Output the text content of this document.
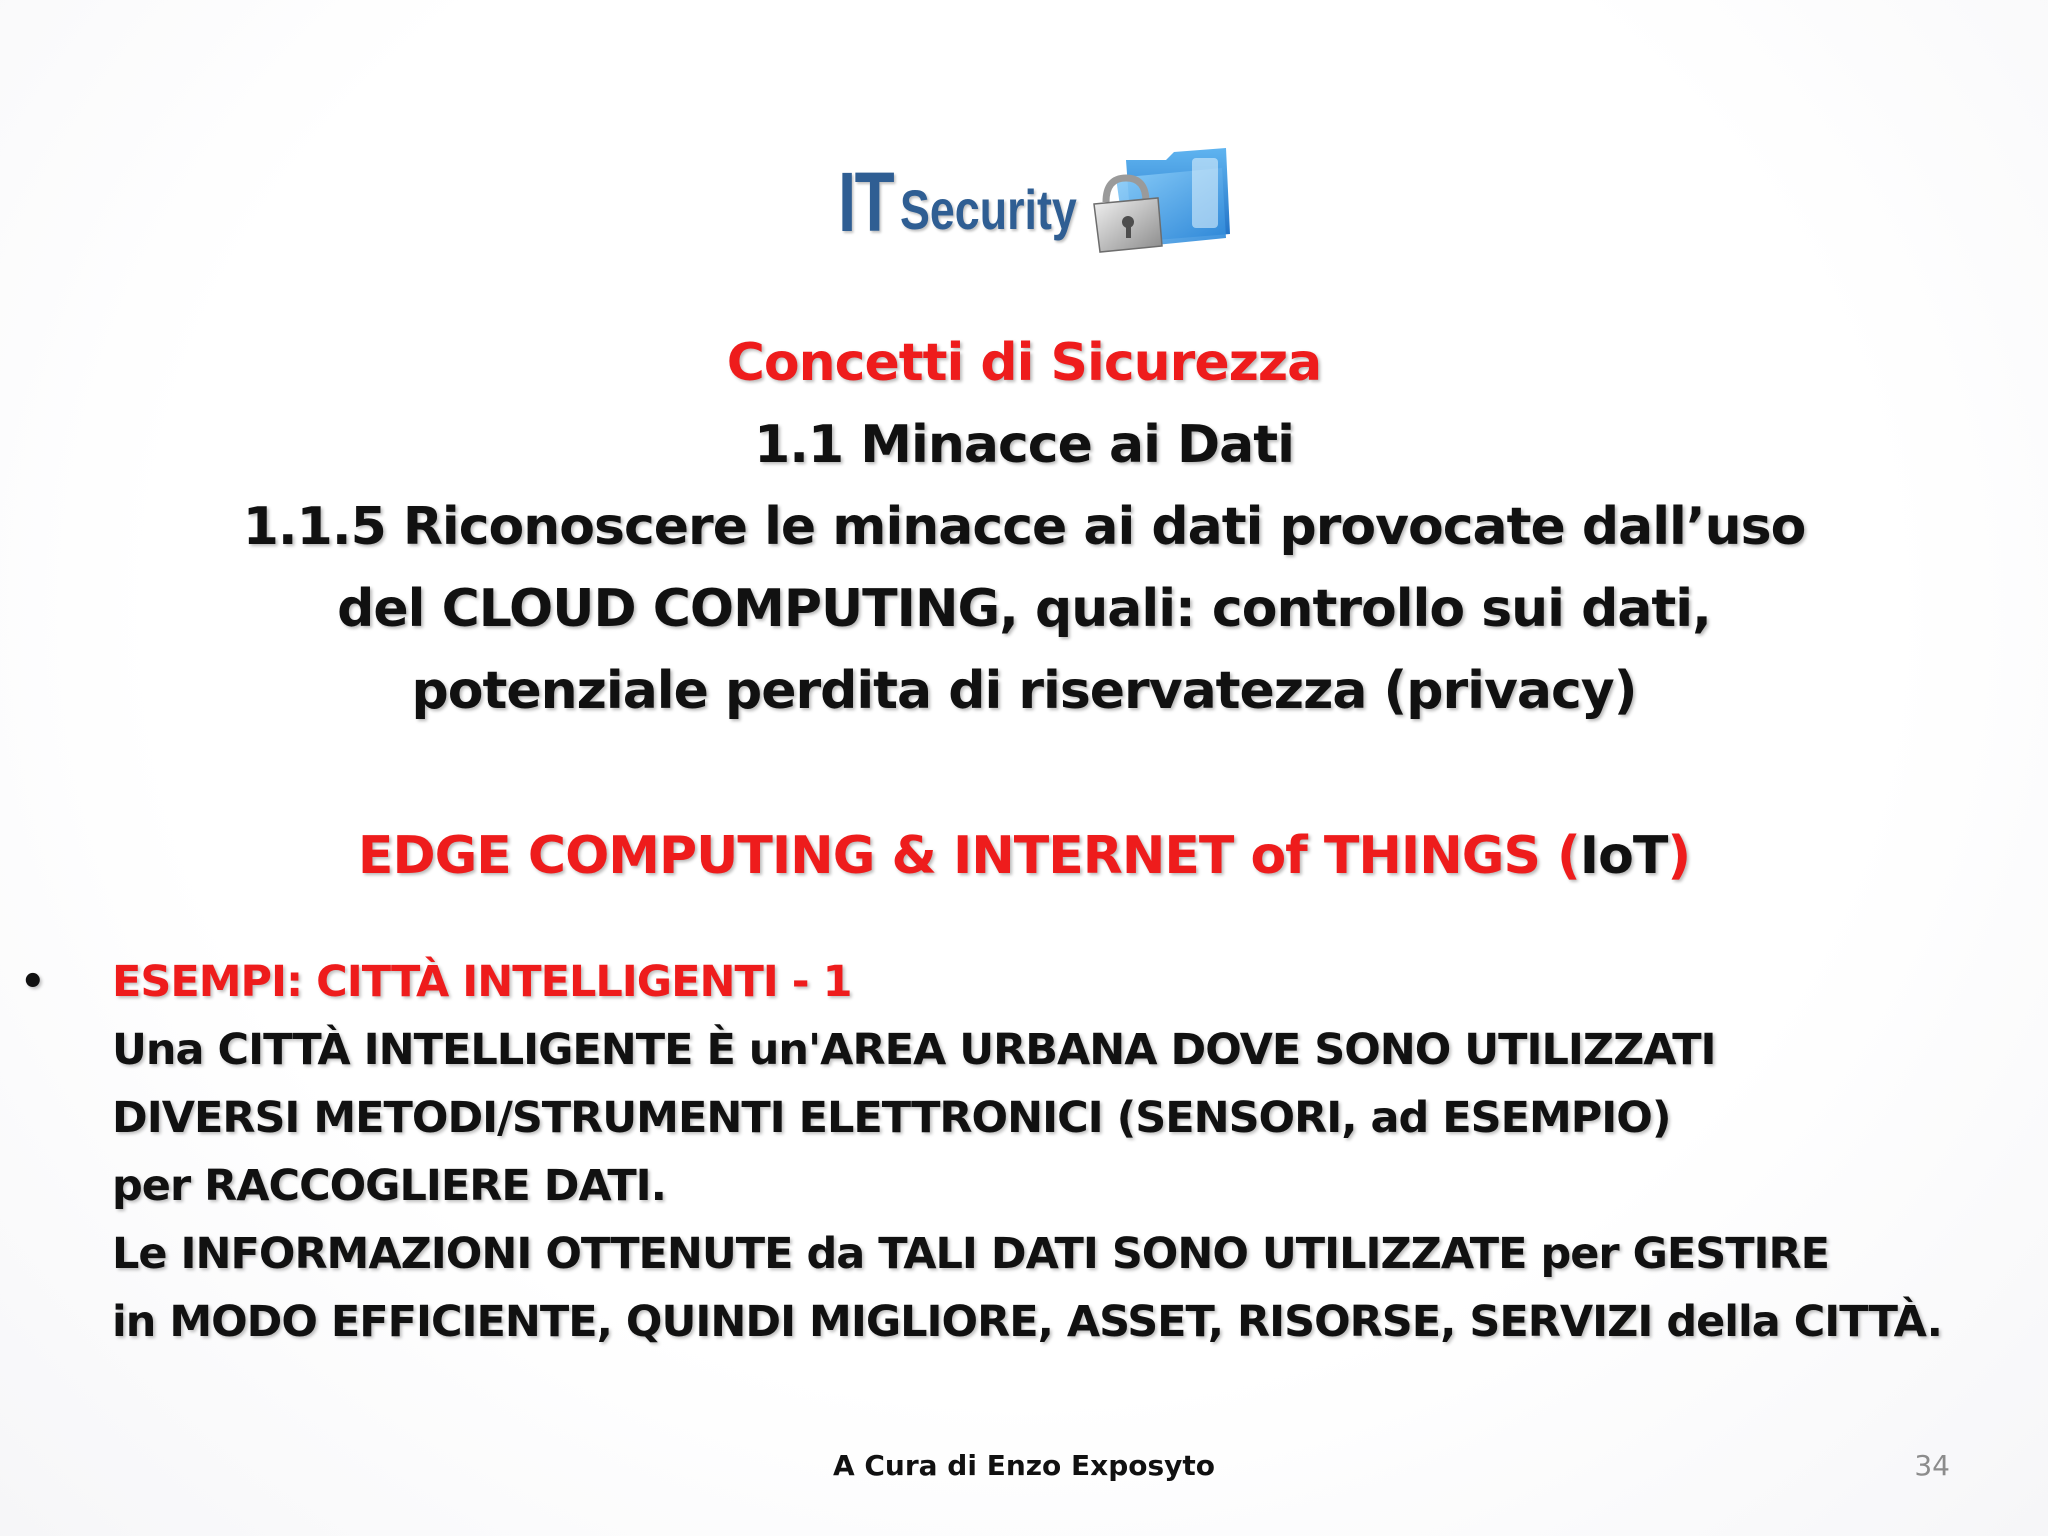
IT Security
Concetti di Sicurezza
1.1 Minacce ai Dati
1.1.5 Riconoscere le minacce ai dati provocate dall’uso
del CLOUD COMPUTING, quali: controllo sui dati,
potenziale perdita di riservatezza (privacy)
EDGE COMPUTING & INTERNET of THINGS (IoT)
•	ESEMPI: CITTÀ INTELLIGENTI - 1
Una CITTÀ INTELLIGENTE È un'AREA URBANA DOVE SONO UTILIZZATI
DIVERSI METODI/STRUMENTI ELETTRONICI (SENSORI, ad ESEMPIO)
per RACCOGLIERE DATI.
Le INFORMAZIONI OTTENUTE da TALI DATI SONO UTILIZZATE per GESTIRE
in MODO EFFICIENTE, QUINDI MIGLIORE, ASSET, RISORSE, SERVIZI della CITTÀ.
A Cura di Enzo Exposyto	34
